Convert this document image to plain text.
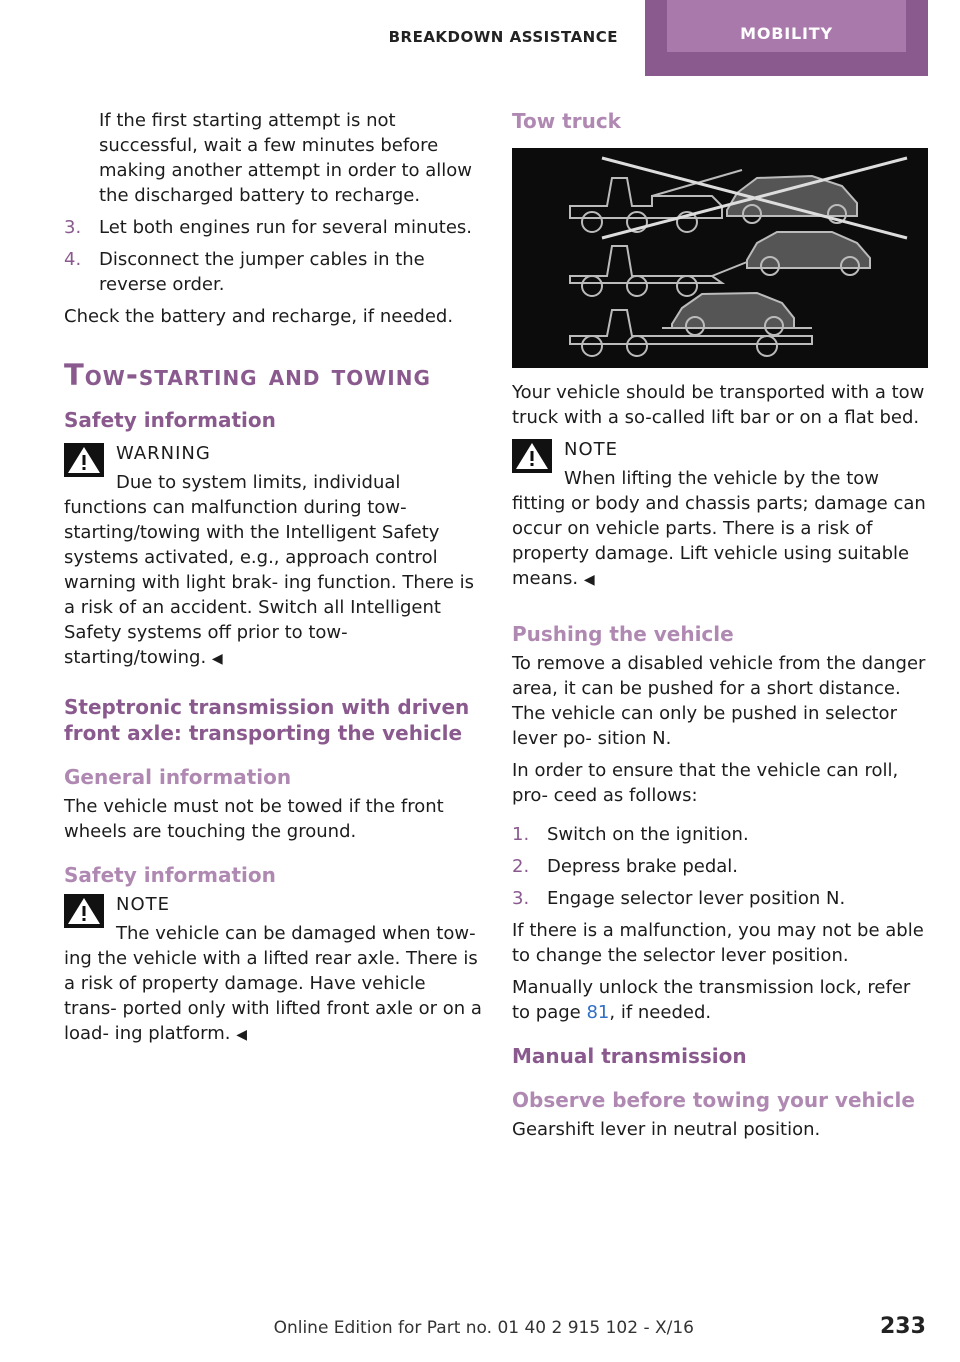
BREAKDOWN ASSISTANCE	MOBILITY

If the first starting attempt is not successful, wait a few minutes before making another attempt in order to allow the discharged battery to recharge.

3. Let both engines run for several minutes.
4. Disconnect the jumper cables in the reverse order.

Check the battery and recharge, if needed.

Tow-starting and towing
Safety information
WARNING
Due to system limits, individual functions can malfunction during tow-starting/towing with the Intelligent Safety systems activated, e.g., approach control warning with light brak‐ ing function. There is a risk of an accident. Switch all Intelligent Safety systems off prior to tow-starting/towing. ◀
Steptronic transmission with driven front axle: transporting the vehicle
General information

The vehicle must not be towed if the front wheels are touching the ground.

Safety information
NOTE
The vehicle can be damaged when tow‐ ing the vehicle with a lifted rear axle. There is a risk of property damage. Have vehicle trans‐ ported only with lifted front axle or on a load‐ ing platform. ◀
Tow truck

Your vehicle should be transported with a tow truck with a so-called lift bar or on a flat bed.

NOTE
When lifting the vehicle by the tow fitting or body and chassis parts; damage can occur on vehicle parts. There is a risk of property damage. Lift vehicle using suitable means. ◀
Pushing the vehicle

To remove a disabled vehicle from the danger area, it can be pushed for a short distance. The vehicle can only be pushed in selector lever po‐ sition N.

In order to ensure that the vehicle can roll, pro‐ ceed as follows:

1. Switch on the ignition.
2. Depress brake pedal.
3. Engage selector lever position N.

If there is a malfunction, you may not be able to change the selector lever position.

Manually unlock the transmission lock, refer to page 81, if needed.

Manual transmission
Observe before towing your vehicle

Gearshift lever in neutral position.

Online Edition for Part no. 01 40 2 915 102 - X/16	233
